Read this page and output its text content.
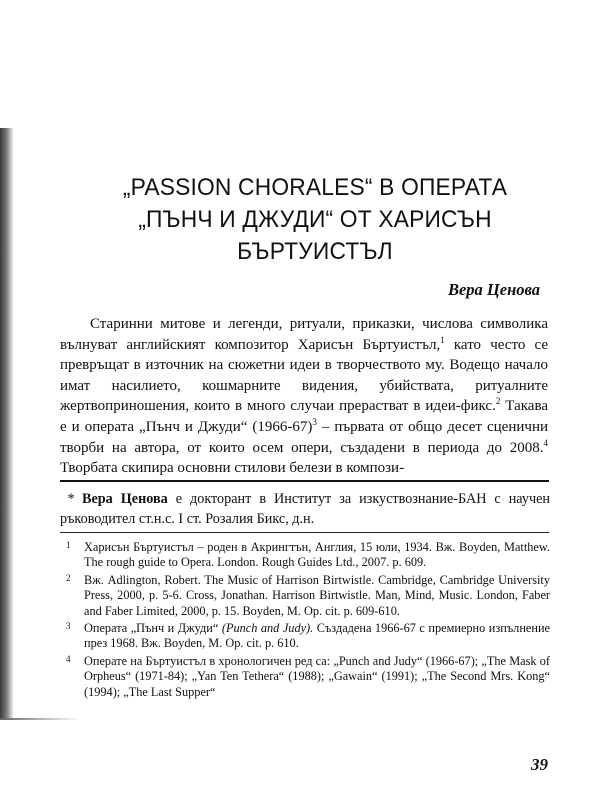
„PASSION CHORALES“ В ОПЕРАТА
„ПЪНЧ И ДЖУДИ“ ОТ ХАРИСЪН
БЪРТУИСТЪЛ
Вера Ценова

Старинни митове и легенди, ритуали, приказки, числова символика вълнуват английският композитор Харисън Бъртуистъл,$^1$ като често се превръщат в източник на сюжетни идеи в творчеството му. Водещо начало имат насилието, кошмарните видения, убийствата, ритуалните жертвоприношения, които в много случаи прерастват в идеи-фикс.$^2$ Такава е и операта „Пънч и Джуди“ (1966-67)$^3$ – първата от общо десет сценични творби на автора, от които осем опери, създадени в периода до 2008.$^4$ Творбата скипира основни стилови белези в компози-

* Вера Ценова е докторант в Институт за изкуствознание-БАН с научен ръководител ст.н.с. I ст. Розалия Бикс, д.н.
1 Харисън Бъртуистъл – роден в Акрингтън, Англия, 15 юли, 1934. Вж. Boyden, Matthew. The rough guide to Opera. London. Rough Guides Ltd., 2007. p. 609.
2 Вж. Adlington, Robert. The Music of Harrison Birtwistle. Cambridge, Cambridge University Press, 2000, p. 5-6. Cross, Jonathan. Harrison Birtwistle. Man, Mind, Music. London, Faber and Faber Limited, 2000, p. 15. Boyden, M. Op. cit. p. 609-610.
3 Операта „Пънч и Джуди“ (Punch and Judy). Създадена 1966-67 с премиерно изпълнение през 1968. Вж. Boyden, M. Op. cit. p. 610.
4 Операте на Бъртуистъл в хронологичен ред са: „Punch and Judy“ (1966-67); „The Mask of Orpheus“ (1971-84); „Yan Ten Tethera“ (1988); „Gawain“ (1991); „The Second Mrs. Kong“ (1994); „The Last Supper“
39
